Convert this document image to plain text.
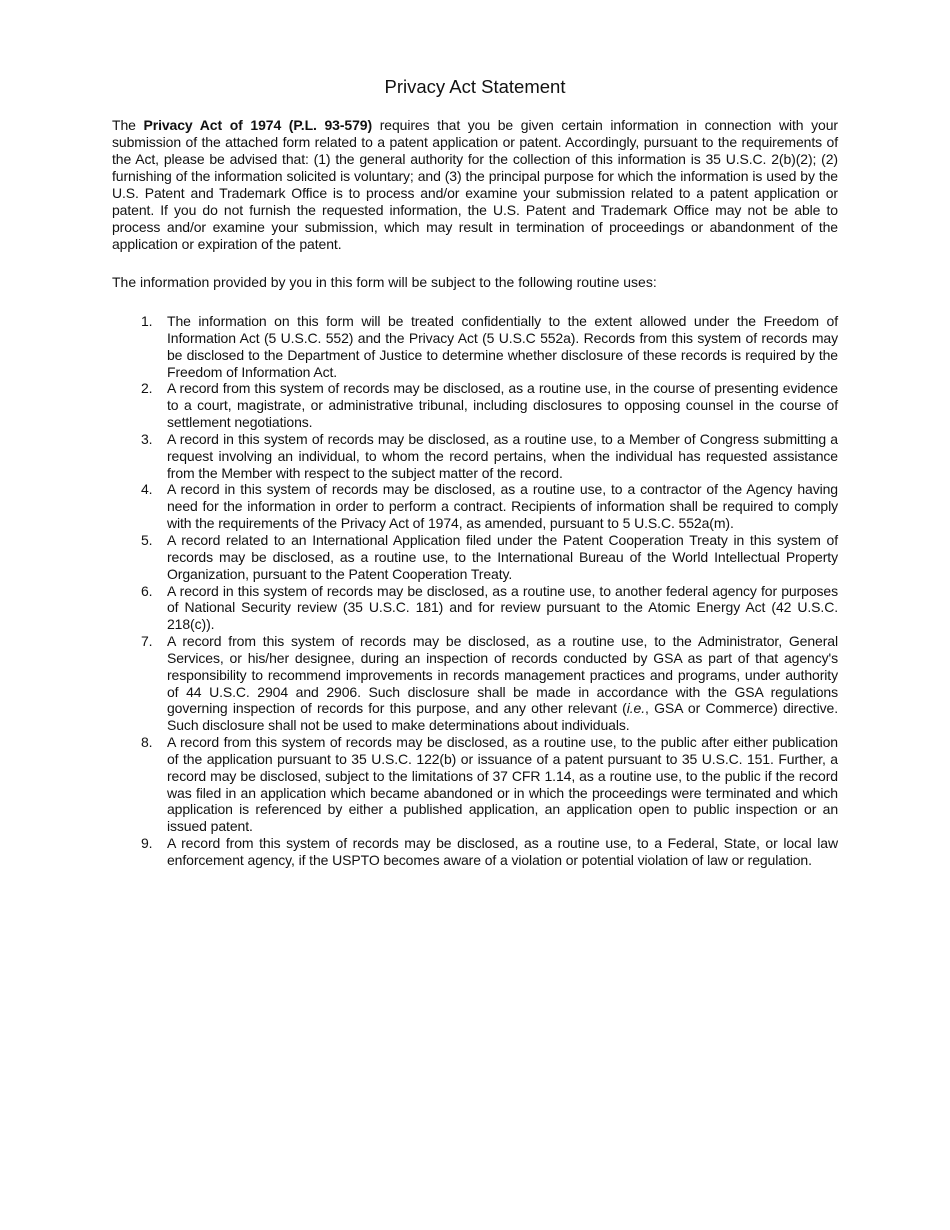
Privacy Act Statement

The Privacy Act of 1974 (P.L. 93-579) requires that you be given certain information in connection with your submission of the attached form related to a patent application or patent. Accordingly, pursuant to the requirements of the Act, please be advised that: (1) the general authority for the collection of this information is 35 U.S.C. 2(b)(2); (2) furnishing of the information solicited is voluntary; and (3) the principal purpose for which the information is used by the U.S. Patent and Trademark Office is to process and/or examine your submission related to a patent application or patent. If you do not furnish the requested information, the U.S. Patent and Trademark Office may not be able to process and/or examine your submission, which may result in termination of proceedings or abandonment of the application or expiration of the patent.

The information provided by you in this form will be subject to the following routine uses:

1. The information on this form will be treated confidentially to the extent allowed under the Freedom of Information Act (5 U.S.C. 552) and the Privacy Act (5 U.S.C 552a). Records from this system of records may be disclosed to the Department of Justice to determine whether disclosure of these records is required by the Freedom of Information Act.
2. A record from this system of records may be disclosed, as a routine use, in the course of presenting evidence to a court, magistrate, or administrative tribunal, including disclosures to opposing counsel in the course of settlement negotiations.
3. A record in this system of records may be disclosed, as a routine use, to a Member of Congress submitting a request involving an individual, to whom the record pertains, when the individual has requested assistance from the Member with respect to the subject matter of the record.
4. A record in this system of records may be disclosed, as a routine use, to a contractor of the Agency having need for the information in order to perform a contract. Recipients of information shall be required to comply with the requirements of the Privacy Act of 1974, as amended, pursuant to 5 U.S.C. 552a(m).
5. A record related to an International Application filed under the Patent Cooperation Treaty in this system of records may be disclosed, as a routine use, to the International Bureau of the World Intellectual Property Organization, pursuant to the Patent Cooperation Treaty.
6. A record in this system of records may be disclosed, as a routine use, to another federal agency for purposes of National Security review (35 U.S.C. 181) and for review pursuant to the Atomic Energy Act (42 U.S.C. 218(c)).
7. A record from this system of records may be disclosed, as a routine use, to the Administrator, General Services, or his/her designee, during an inspection of records conducted by GSA as part of that agency's responsibility to recommend improvements in records management practices and programs, under authority of 44 U.S.C. 2904 and 2906. Such disclosure shall be made in accordance with the GSA regulations governing inspection of records for this purpose, and any other relevant (i.e., GSA or Commerce) directive. Such disclosure shall not be used to make determinations about individuals.
8. A record from this system of records may be disclosed, as a routine use, to the public after either publication of the application pursuant to 35 U.S.C. 122(b) or issuance of a patent pursuant to 35 U.S.C. 151. Further, a record may be disclosed, subject to the limitations of 37 CFR 1.14, as a routine use, to the public if the record was filed in an application which became abandoned or in which the proceedings were terminated and which application is referenced by either a published application, an application open to public inspection or an issued patent.
9. A record from this system of records may be disclosed, as a routine use, to a Federal, State, or local law enforcement agency, if the USPTO becomes aware of a violation or potential violation of law or regulation.
